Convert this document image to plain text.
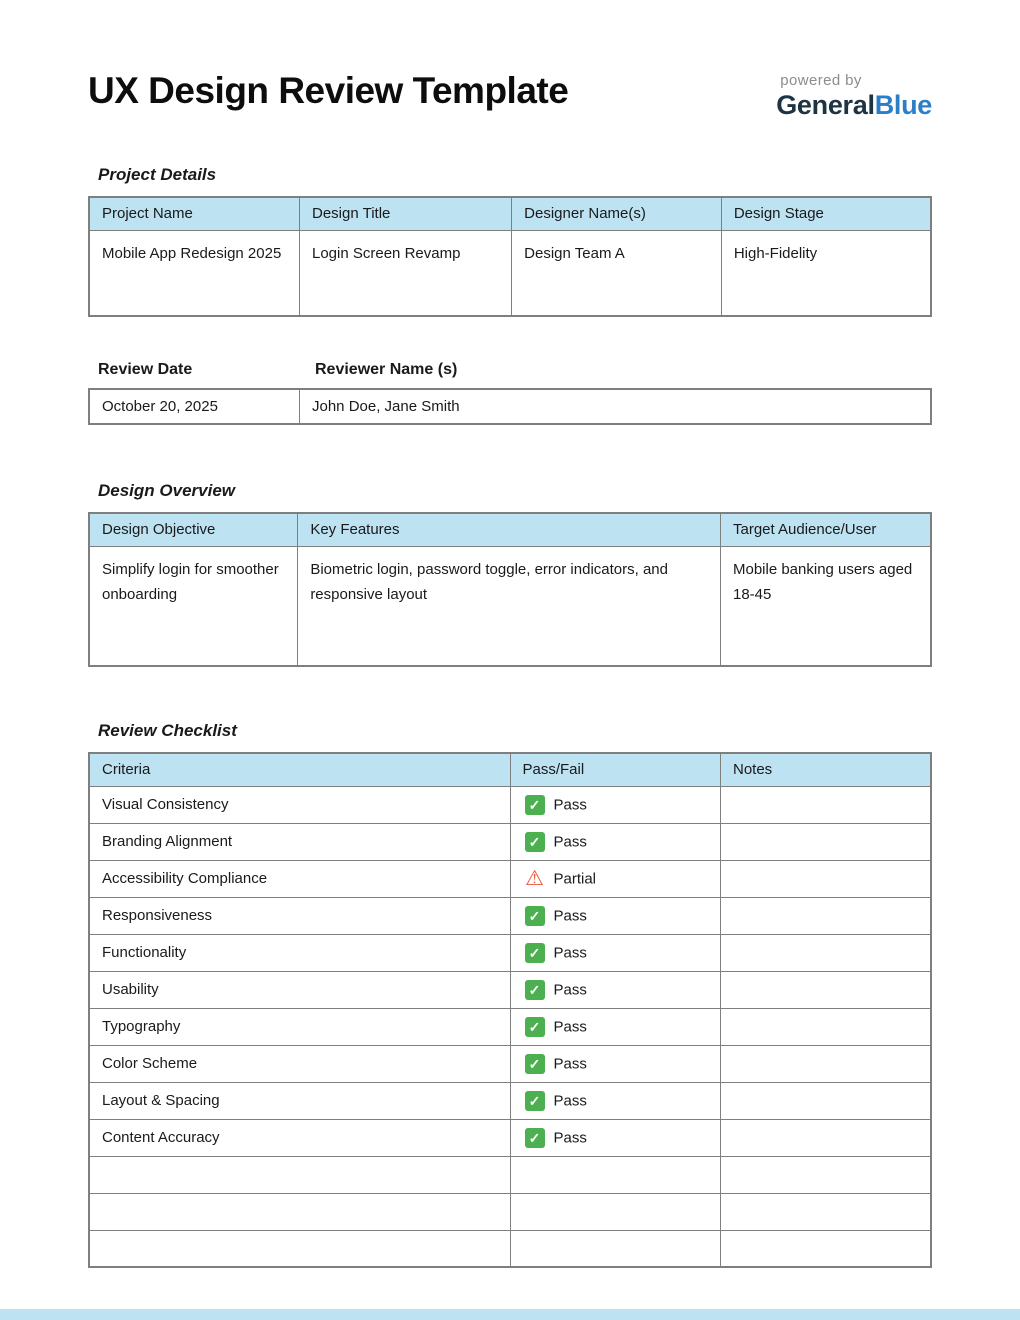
UX Design Review Template	powered by
GeneralBlue
Project Details
Project Name	Design Title	Designer Name(s)	Design Stage
Mobile App Redesign 2025	Login Screen Revamp	Design Team A	High-Fidelity
Review Date	Reviewer Name (s)
October 20, 2025	John Doe, Jane Smith
Design Overview
Design Objective	Key Features	Target Audience/User
Simplify login for smoother onboarding	Biometric login, password toggle, error indicators, and responsive layout	Mobile banking users aged 18-45
Review Checklist
Criteria	Pass/Fail	Notes
Visual Consistency	✓Pass	
Branding Alignment	✓Pass	
Accessibility Compliance	⚠Partial	
Responsiveness	✓Pass	
Functionality	✓Pass	
Usability	✓Pass	
Typography	✓Pass	
Color Scheme	✓Pass	
Layout & Spacing	✓Pass	
Content Accuracy	✓Pass	
